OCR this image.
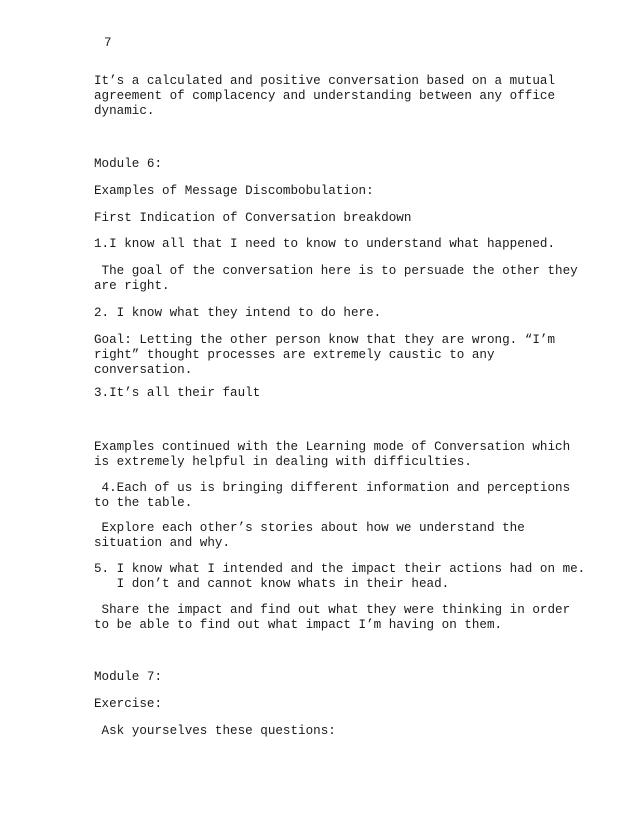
7

It’s a calculated and positive conversation based on a mutual

agreement of complacency and understanding between any office

dynamic.

Module 6:

Examples of Message Discombobulation:

First Indication of Conversation breakdown

1.I know all that I need to know to understand what happened.

The goal of the conversation here is to persuade the other they

are right.

2. I know what they intend to do here.

Goal: Letting the other person know that they are wrong. “I’m

right” thought processes are extremely caustic to any

conversation.

3.It’s all their fault

Examples continued with the Learning mode of Conversation which

is extremely helpful in dealing with difficulties.

4.Each of us is bringing different information and perceptions

to the table.

Explore each other’s stories about how we understand the

situation and why.

5. I know what I intended and the impact their actions had on me.

I don’t and cannot know whats in their head.

Share the impact and find out what they were thinking in order

to be able to find out what impact I’m having on them.

Module 7:

Exercise:

Ask yourselves these questions:
